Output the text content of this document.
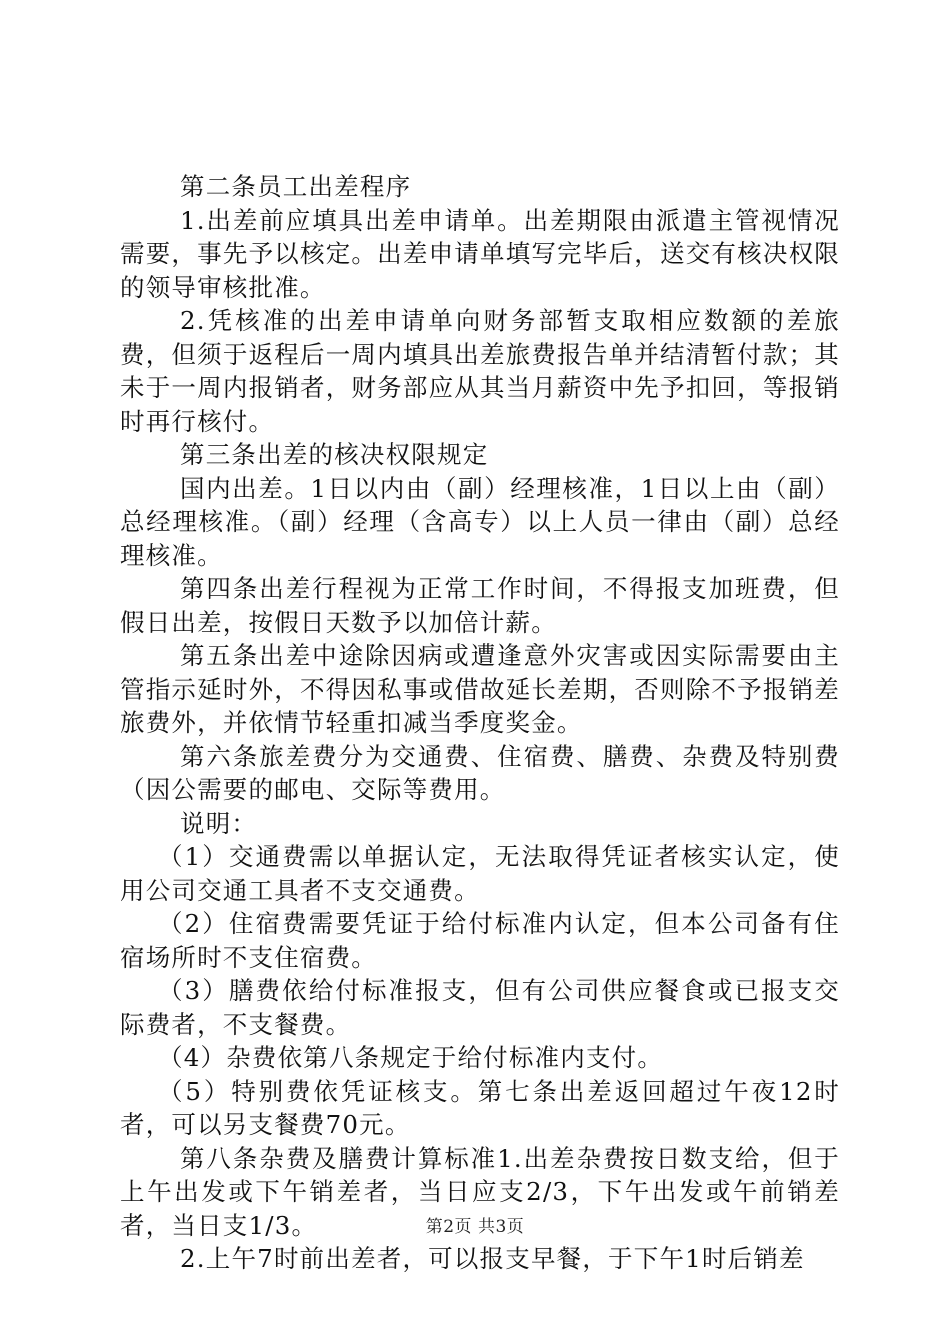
第二条员工出差程序

1.出差前应填具出差申请单。出差期限由派遣主管视情况需要，事先予以核定。出差申请单填写完毕后，送交有核决权限的领导审核批准。

2.凭核准的出差申请单向财务部暂支取相应数额的差旅费，但须于返程后一周内填具出差旅费报告单并结清暂付款；其未于一周内报销者，财务部应从其当月薪资中先予扣回，等报销时再行核付。

第三条出差的核决权限规定

国内出差。1日以内由（副）经理核准，1日以上由（副）总经理核准。（副）经理（含高专）以上人员一律由（副）总经理核准。

第四条出差行程视为正常工作时间，不得报支加班费，但假日出差，按假日天数予以加倍计薪。

第五条出差中途除因病或遭逢意外灾害或因实际需要由主管指示延时外，不得因私事或借故延长差期，否则除不予报销差旅费外，并依情节轻重扣减当季度奖金。

第六条旅差费分为交通费、住宿费、膳费、杂费及特别费（因公需要的邮电、交际等费用。

说明：

（1）交通费需以单据认定，无法取得凭证者核实认定，使用公司交通工具者不支交通费。

（2）住宿费需要凭证于给付标准内认定，但本公司备有住宿场所时不支住宿费。

（3）膳费依给付标准报支，但有公司供应餐食或已报支交际费者，不支餐费。

（4）杂费依第八条规定于给付标准内支付。

（5）特别费依凭证核支。第七条出差返回超过午夜12时者，可以另支餐费70元。

第八条杂费及膳费计算标准1.出差杂费按日数支给，但于上午出发或下午销差者，当日应支2/3，下午出发或午前销差者，当日支1/3。

2.上午7时前出差者，可以报支早餐，于下午1时后销差

第2页 共3页
